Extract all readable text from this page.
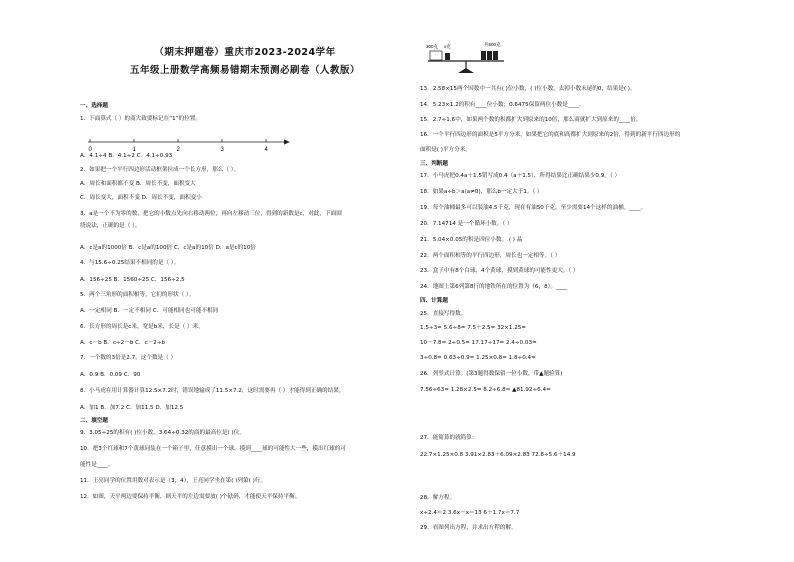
（期末押题卷）重庆市2023-2024学年
五年级上册数学高频易错期末预测必刷卷（人教版）
一、选择题
1．下面算式（ ）的商大致要标记在“1”的位置。
A．4.1÷4 B．4.1÷2 C．4.1÷0.93
2．如果把一个平行四边形活动框架拉成一个长方形，那么（ ）。
A．周长和面积都不变 B．周长不变，面积变大
C．周长变大，面积不变 D．周长不变，面积变小
3．a是一个不为零的数，把它的小数点先向右移动两位，再向左移动三位，得到的新数是c，对此，下面围
绕说法，正确的是（ ）。
A．c是a的1000倍 B．c是a的100倍 C．c是a的10倍 D．a是c的10倍
4．与15.6÷0.25结果不相同的是（ ）。
A．156÷25 B．1560÷25 C．156÷2.5
5．两个三角形的面积相等，它们的形状（ ）。
A．一定相同 B．一定不相同 C．可能相同也可能不相同
6．长方形的周长是c米，宽是b米，长是（ ）米。
A．c－b B．c÷2－b C．c－2÷b
7．一个数的3倍是2.7，这个数是（ ）
A．0.9 B．0.09 C．90
8．小马虎在用计算器计算12.5×7.2时，错误地输成了11.5×7.2，这时需要再（ ）才能得到正确的结果。
A．加1 B．加7.2 C．加11.5 D．加12.5
二、填空题
9．3.05÷25的积有( )位小数，3.64÷0.32的商的最高位是( )位。
10．把3个红球和7个黄球同装在一个箱子里，任意摸出一个球，摸到____球的可能性大一些，摸出红球的可
能性是____。
11．王亮同学的位置用数对表示是（3，4），王亮同学坐在第( )列第( )行。
12．如图，天平两边要保持平衡，则天平的左边需要放( )个砝码，才能使天平保持平衡。
0	1	2	3	4
13．2.58×15两个因数中一共有( )位小数，( )位小数，去掉小数末尾的0，结果是( )。
14．5.23×1.2的积有____位小数；0.6475保留两位小数是____。
15．2.7÷1.6中，如果两个数的积都扩大到原来的10倍，那么商就扩大到原来的____倍。
16．一个平行四边形的面积是5平方分米，如果把它的底和高都扩大到原来的2倍，得到的新平行四边形的
面积是( )平方分米。
三、判断题
17．小马虎把0.4a＋1.5错写成0.4（a＋1.5），所得结果比正确结果少0.9。（ ）
18．如果a÷b＞a(a≠0)，那么b一定大于1。（ ）
19．每个油桶最多可以装油4.5千克，现在有油50千克，至少需要14个这样的油桶。____。
20．7.14714 是一个循环小数。（ ）
21．5.04×0.05的积是四位小数。 ( ) 晶
22．两个面积相等的平行四边形，周长也一定相等。（ ）
23．盒子中有8个白球，4个黄球，摸到黄球的可能性更大。（ ）
24．地图上第6列第8行的地铁所在的位置为（6，8）。____
四、计算题
25．直接写得数。
1.5÷3= 5.6÷8= 7.5＋2.5= 32×1.25=
10－7.8= 2÷0.5= 17.17÷17= 2.4÷0.03=
3÷0.8= 0.63÷0.9= 1.25×0.8= 1.8÷0.4=
26．列竖式计算。(第3题得数保留一位小数，带▲题验算)
7.56÷63= 1.28×2.5= 8.2÷6.8≈ ▲81.92÷6.4=
27．能简算的就简算：
22.7×1.25×0.8 3.91×2.83＋6.09×2.83 72.8÷5.6＋14.9
28．解方程。
x÷2.4＝2 3.6x－x＝13 6＋1.7x＝7.7
29．看图列出方程，并求出方程的解。
300克 x克	共500克
